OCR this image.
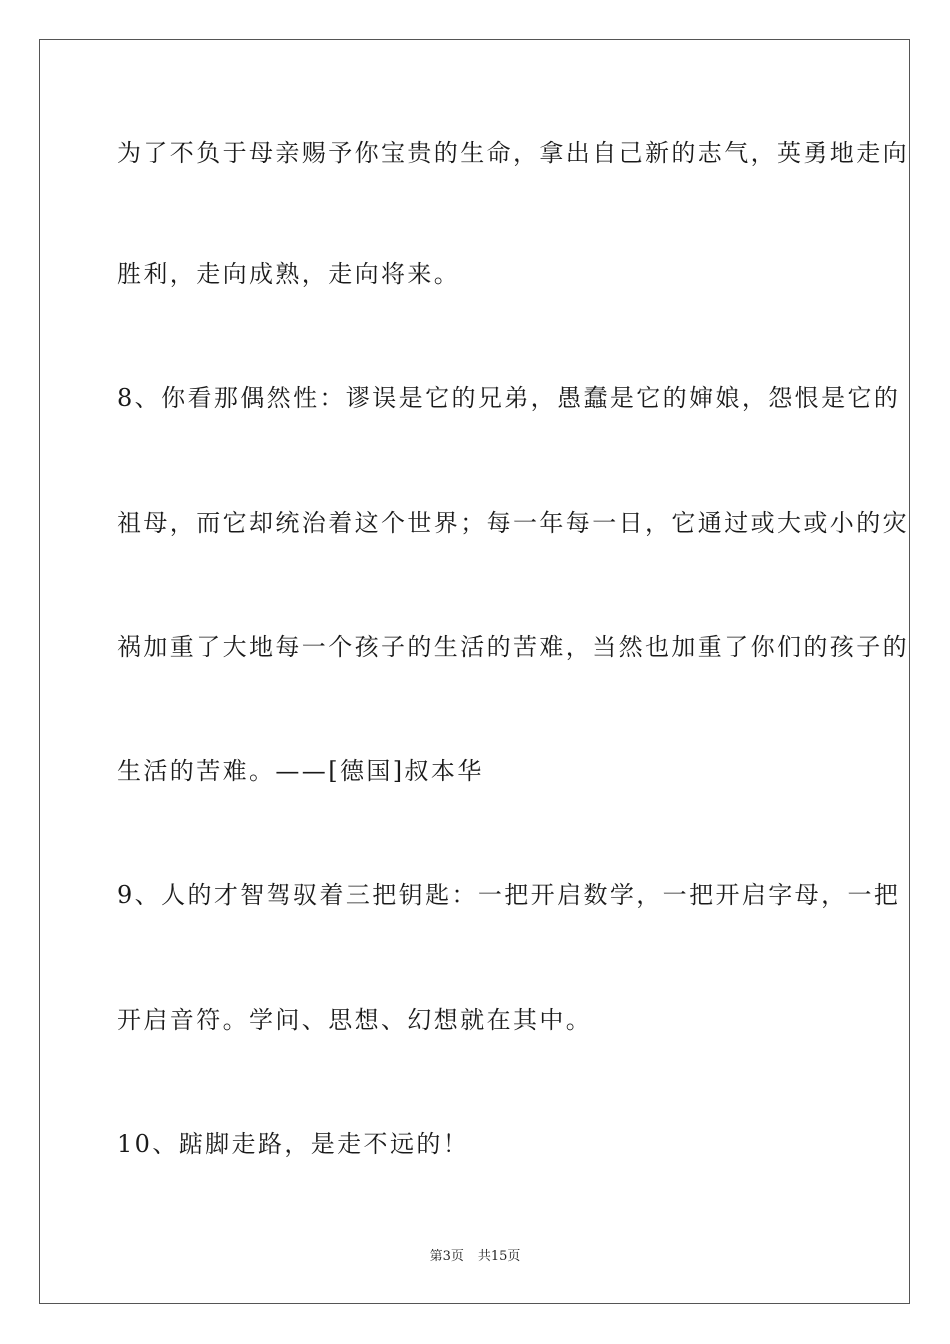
为了不负于母亲赐予你宝贵的生命，拿出自己新的志气，英勇地走向
胜利，走向成熟，走向将来。
8、你看那偶然性：谬误是它的兄弟，愚蠢是它的婶娘，怨恨是它的
祖母，而它却统治着这个世界；每一年每一日，它通过或大或小的灾
祸加重了大地每一个孩子的生活的苦难，当然也加重了你们的孩子的
生活的苦难。——[德国]叔本华
9、人的才智驾驭着三把钥匙：一把开启数学，一把开启字母，一把
开启音符。学问、思想、幻想就在其中。
10、踮脚走路，是走不远的！
第3页 共15页
